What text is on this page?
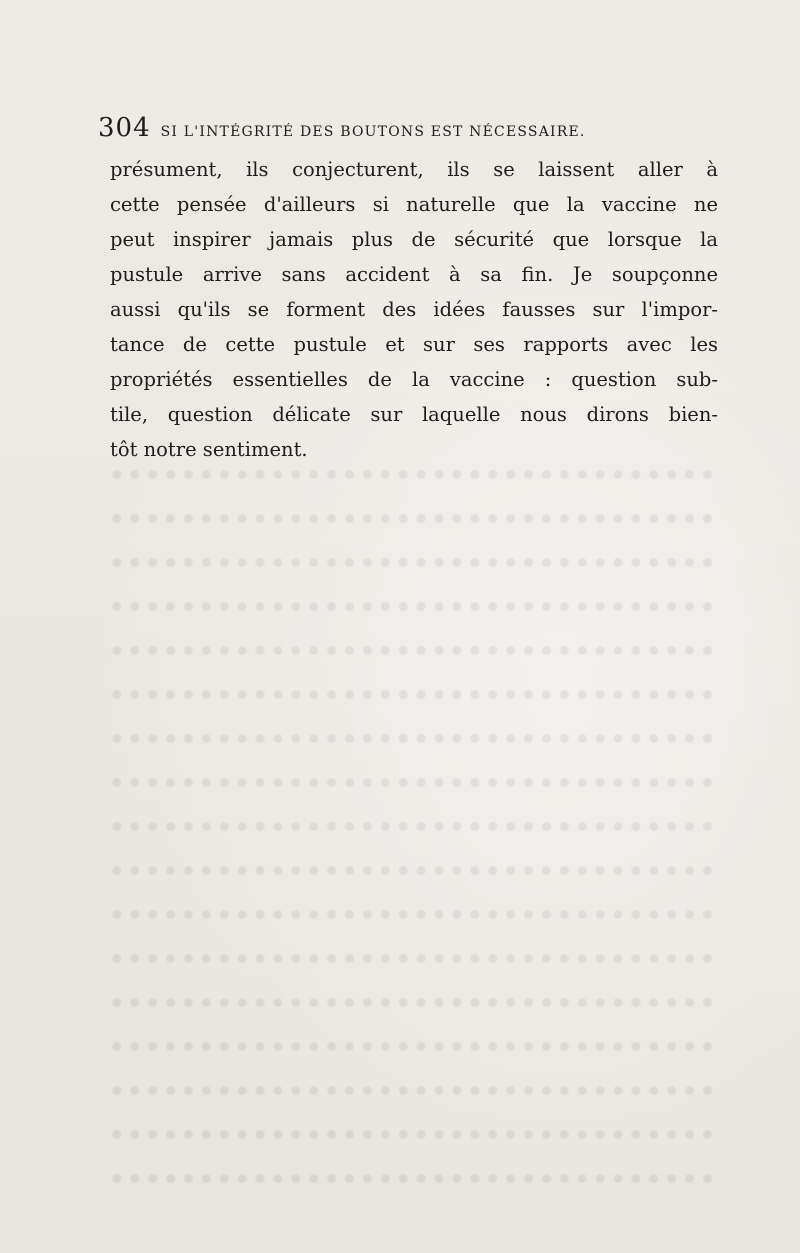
304 SI L'INTÉGRITÉ DES BOUTONS EST NÉCESSAIRE.
présument, ils conjecturent, ils se laissent aller à
cette pensée d'ailleurs si naturelle que la vaccine ne
peut inspirer jamais plus de sécurité que lorsque la
pustule arrive sans accident à sa fin. Je soupçonne
aussi qu'ils se forment des idées fausses sur l'impor-
tance de cette pustule et sur ses rapports avec les
propriétés essentielles de la vaccine : question sub-
tile, question délicate sur laquelle nous dirons bien-
tôt notre sentiment.
